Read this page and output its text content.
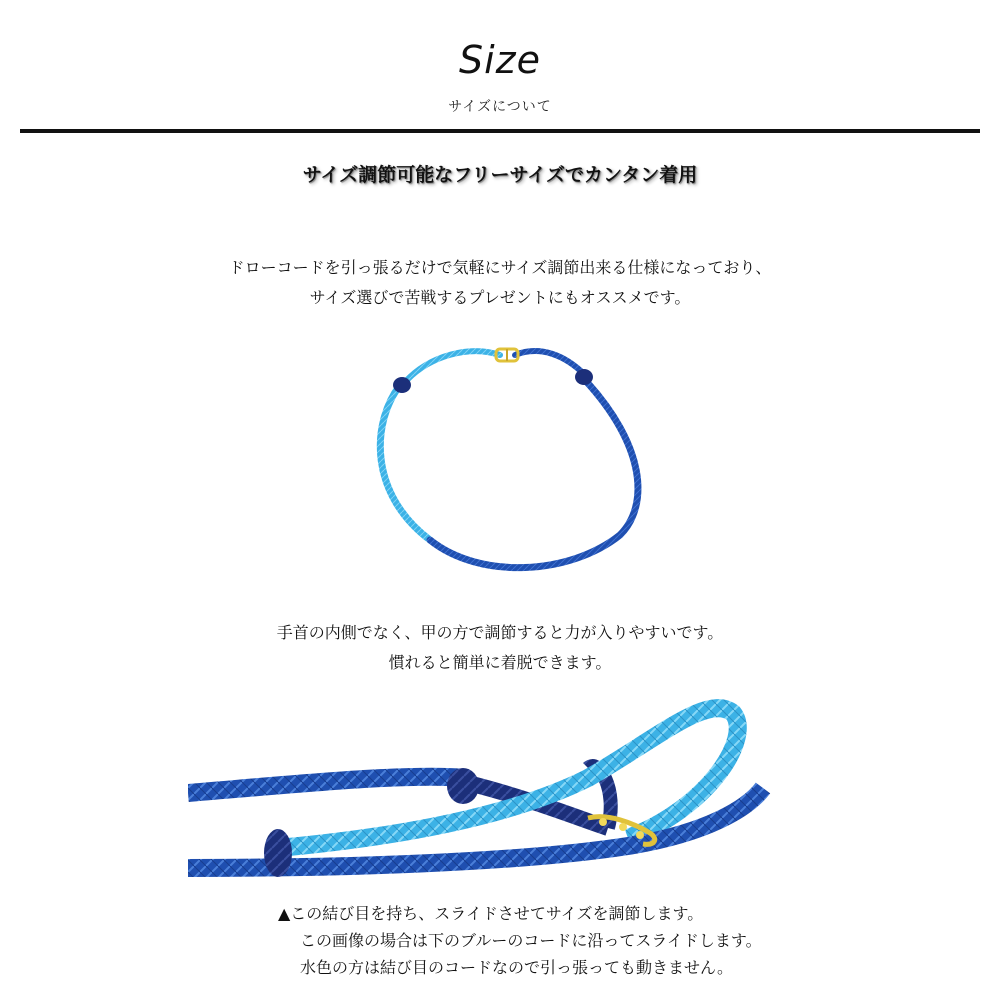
Size
サイズについて
サイズ調節可能なフリーサイズでカンタン着用
ドローコードを引っ張るだけで気軽にサイズ調節出来る仕様になっており、
サイズ選びで苦戦するプレゼントにもオススメです。
手首の内側でなく、甲の方で調節すると力が入りやすいです。
慣れると簡単に着脱できます。
▲この結び目を持ち、スライドさせてサイズを調節します。
この画像の場合は下のブルーのコードに沿ってスライドします。
水色の方は結び目のコードなので引っ張っても動きません。
